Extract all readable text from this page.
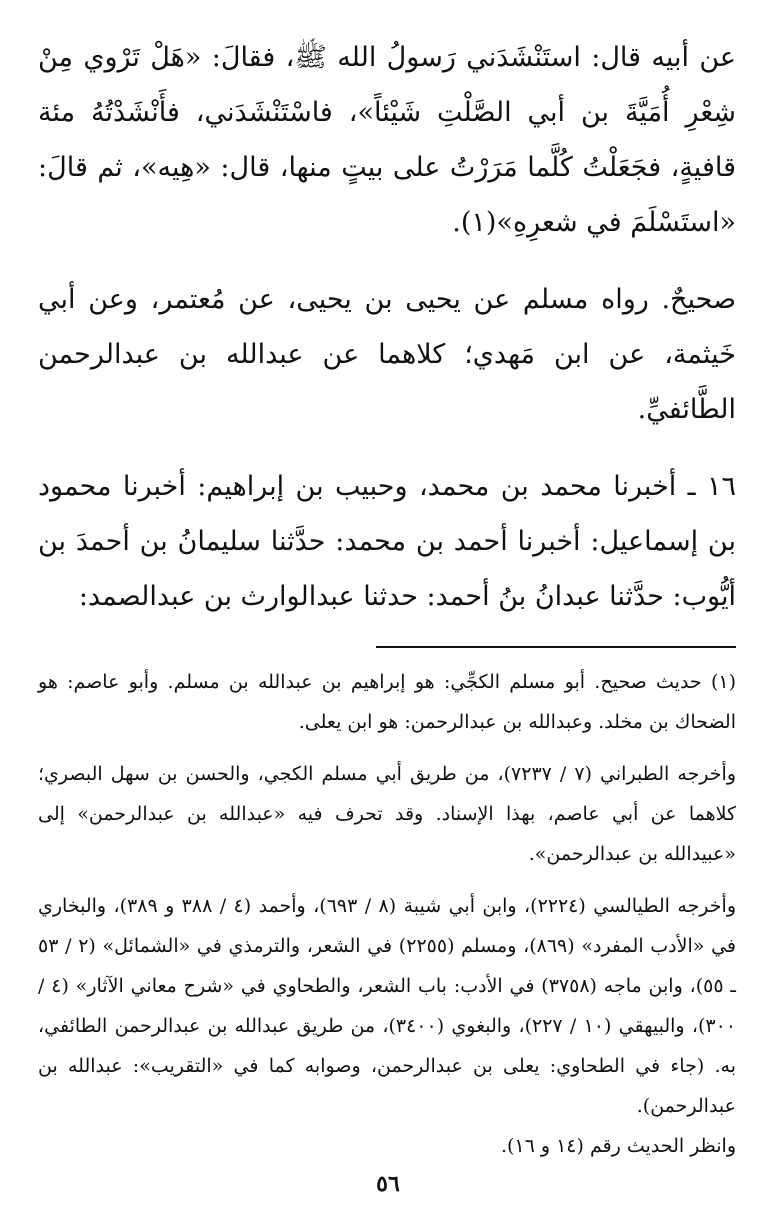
عن أبيه قال: استَنْشَدَني رَسولُ الله ﷺ، فقالَ: «هَلْ تَرْوي مِنْ شِعْرِ أُمَيَّةَ بن أبي الصَّلْتِ شَيْئاً»، فاسْتَنْشَدَني، فأَنْشَدْتُهُ مئة قافيةٍ، فجَعَلْتُ كُلَّما مَرَرْتُ على بيتٍ منها، قال: «هِيه»، ثم قالَ: «استَسْلَمَ في شعرِهِ»(١).

صحيحٌ. رواه مسلم عن يحيى بن يحيى، عن مُعتمر، وعن أبي خَيثمة، عن ابن مَهدي؛ كلاهما عن عبدالله بن عبدالرحمن الطَّائفيِّ.

١٦ ـ أخبرنا محمد بن محمد، وحبيب بن إبراهيم: أخبرنا محمود بن إسماعيل: أخبرنا أحمد بن محمد: حدَّثنا سليمانُ بن أحمدَ بن أيُّوب: حدَّثنا عبدانُ بنُ أحمد: حدثنا عبدالوارث بن عبدالصمد:

(١) حديث صحيح. أبو مسلم الكجِّي: هو إبراهيم بن عبدالله بن مسلم. وأبو عاصم: هو الضحاك بن مخلد. وعبدالله بن عبدالرحمن: هو ابن يعلى.

وأخرجه الطبراني (٧ / ٧٢٣٧)، من طريق أبي مسلم الكجي، والحسن بن سهل البصري؛ كلاهما عن أبي عاصم، بهذا الإسناد. وقد تحرف فيه «عبدالله بن عبدالرحمن» إلى «عبيدالله بن عبدالرحمن».

وأخرجه الطيالسي (٢٢٢٤)، وابن أبي شيبة (٨ / ٦٩٣)، وأحمد (٤ / ٣٨٨ و ٣٨٩)، والبخاري في «الأدب المفرد» (٨٦٩)، ومسلم (٢٢٥٥) في الشعر، والترمذي في «الشمائل» (٢ / ٥٣ ـ ٥٥)، وابن ماجه (٣٧٥٨) في الأدب: باب الشعر، والطحاوي في «شرح معاني الآثار» (٤ / ٣٠٠)، والبيهقي (١٠ / ٢٢٧)، والبغوي (٣٤٠٠)، من طريق عبدالله بن عبدالرحمن الطائفي، به. (جاء في الطحاوي: يعلى بن عبدالرحمن، وصوابه كما في «التقريب»: عبدالله بن عبدالرحمن).

وانظر الحديث رقم (١٤ و ١٦).

٥٦
